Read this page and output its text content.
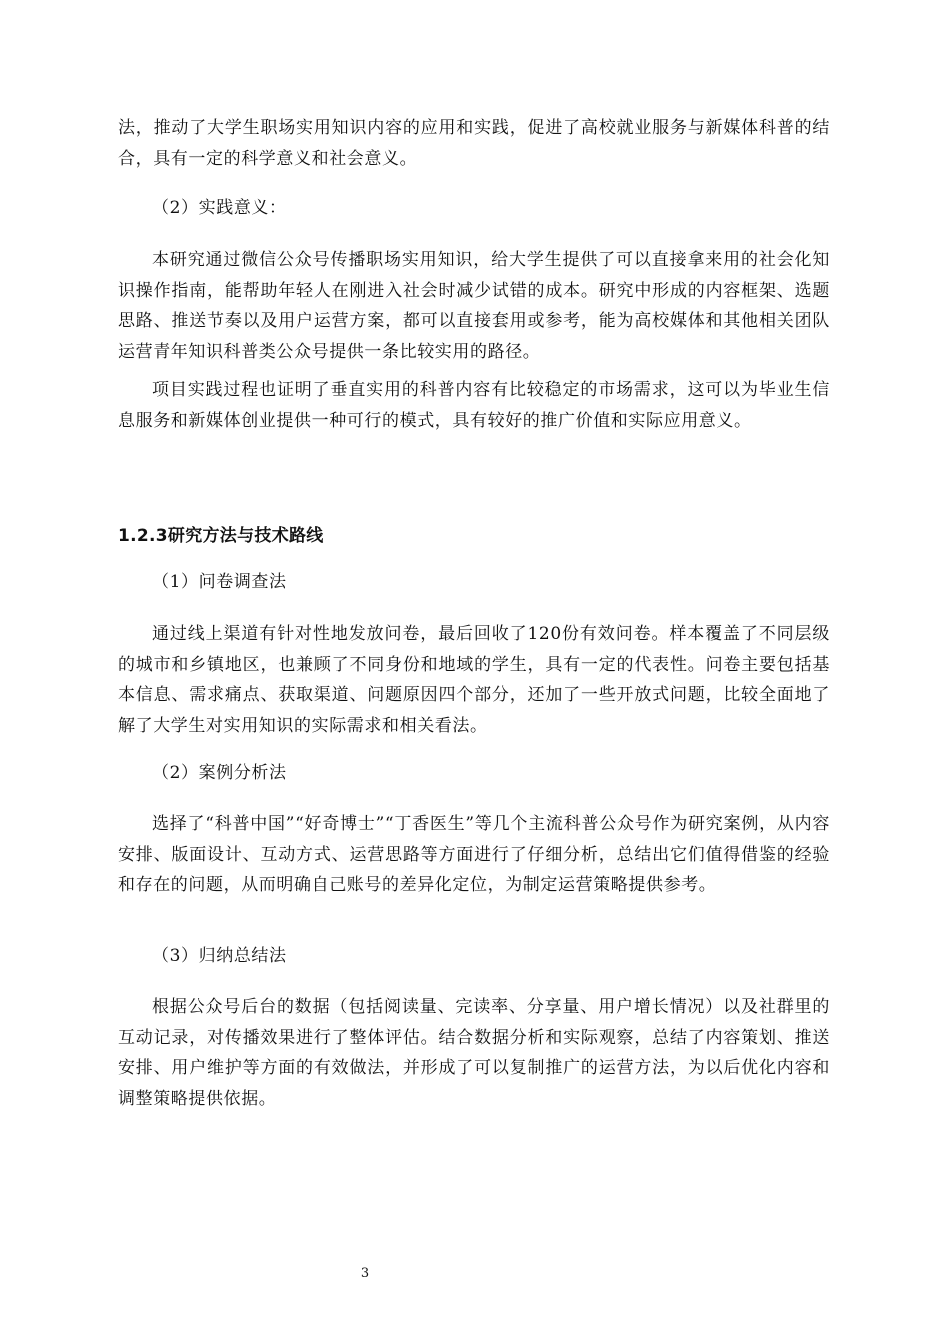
法，推动了大学生职场实用知识内容的应用和实践，促进了高校就业服务与新媒体科普的结合，具有一定的科学意义和社会意义。

（2）实践意义：

本研究通过微信公众号传播职场实用知识，给大学生提供了可以直接拿来用的社会化知识操作指南，能帮助年轻人在刚进入社会时减少试错的成本。研究中形成的内容框架、选题思路、推送节奏以及用户运营方案，都可以直接套用或参考，能为高校媒体和其他相关团队运营青年知识科普类公众号提供一条比较实用的路径。

项目实践过程也证明了垂直实用的科普内容有比较稳定的市场需求，这可以为毕业生信息服务和新媒体创业提供一种可行的模式，具有较好的推广价值和实际应用意义。

1.2.3研究方法与技术路线

（1）问卷调查法

通过线上渠道有针对性地发放问卷，最后回收了120份有效问卷。样本覆盖了不同层级的城市和乡镇地区，也兼顾了不同身份和地域的学生，具有一定的代表性。问卷主要包括基本信息、需求痛点、获取渠道、问题原因四个部分，还加了一些开放式问题，比较全面地了解了大学生对实用知识的实际需求和相关看法。

（2）案例分析法

选择了“科普中国”“好奇博士”“丁香医生”等几个主流科普公众号作为研究案例，从内容安排、版面设计、互动方式、运营思路等方面进行了仔细分析，总结出它们值得借鉴的经验和存在的问题，从而明确自己账号的差异化定位，为制定运营策略提供参考。

（3）归纳总结法

根据公众号后台的数据（包括阅读量、完读率、分享量、用户增长情况）以及社群里的互动记录，对传播效果进行了整体评估。结合数据分析和实际观察，总结了内容策划、推送安排、用户维护等方面的有效做法，并形成了可以复制推广的运营方法，为以后优化内容和调整策略提供依据。

3
